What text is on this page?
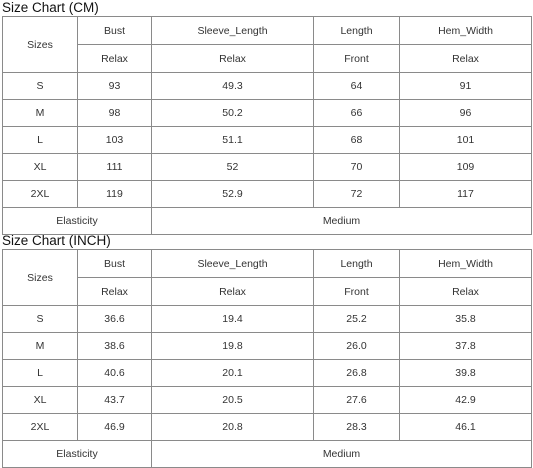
Size Chart (CM)
Sizes	Bust	Sleeve_Length	Length	Hem_Width
	Relax	Relax	Front	Relax
S	93	49.3	64	91
M	98	50.2	66	96
L	103	51.1	68	101
XL	111	52	70	109
2XL	119	52.9	72	117
Elasticity		Medium		
Size Chart (INCH)
Sizes	Bust	Sleeve_Length	Length	Hem_Width
	Relax	Relax	Front	Relax
S	36.6	19.4	25.2	35.8
M	38.6	19.8	26.0	37.8
L	40.6	20.1	26.8	39.8
XL	43.7	20.5	27.6	42.9
2XL	46.9	20.8	28.3	46.1
Elasticity		Medium		
